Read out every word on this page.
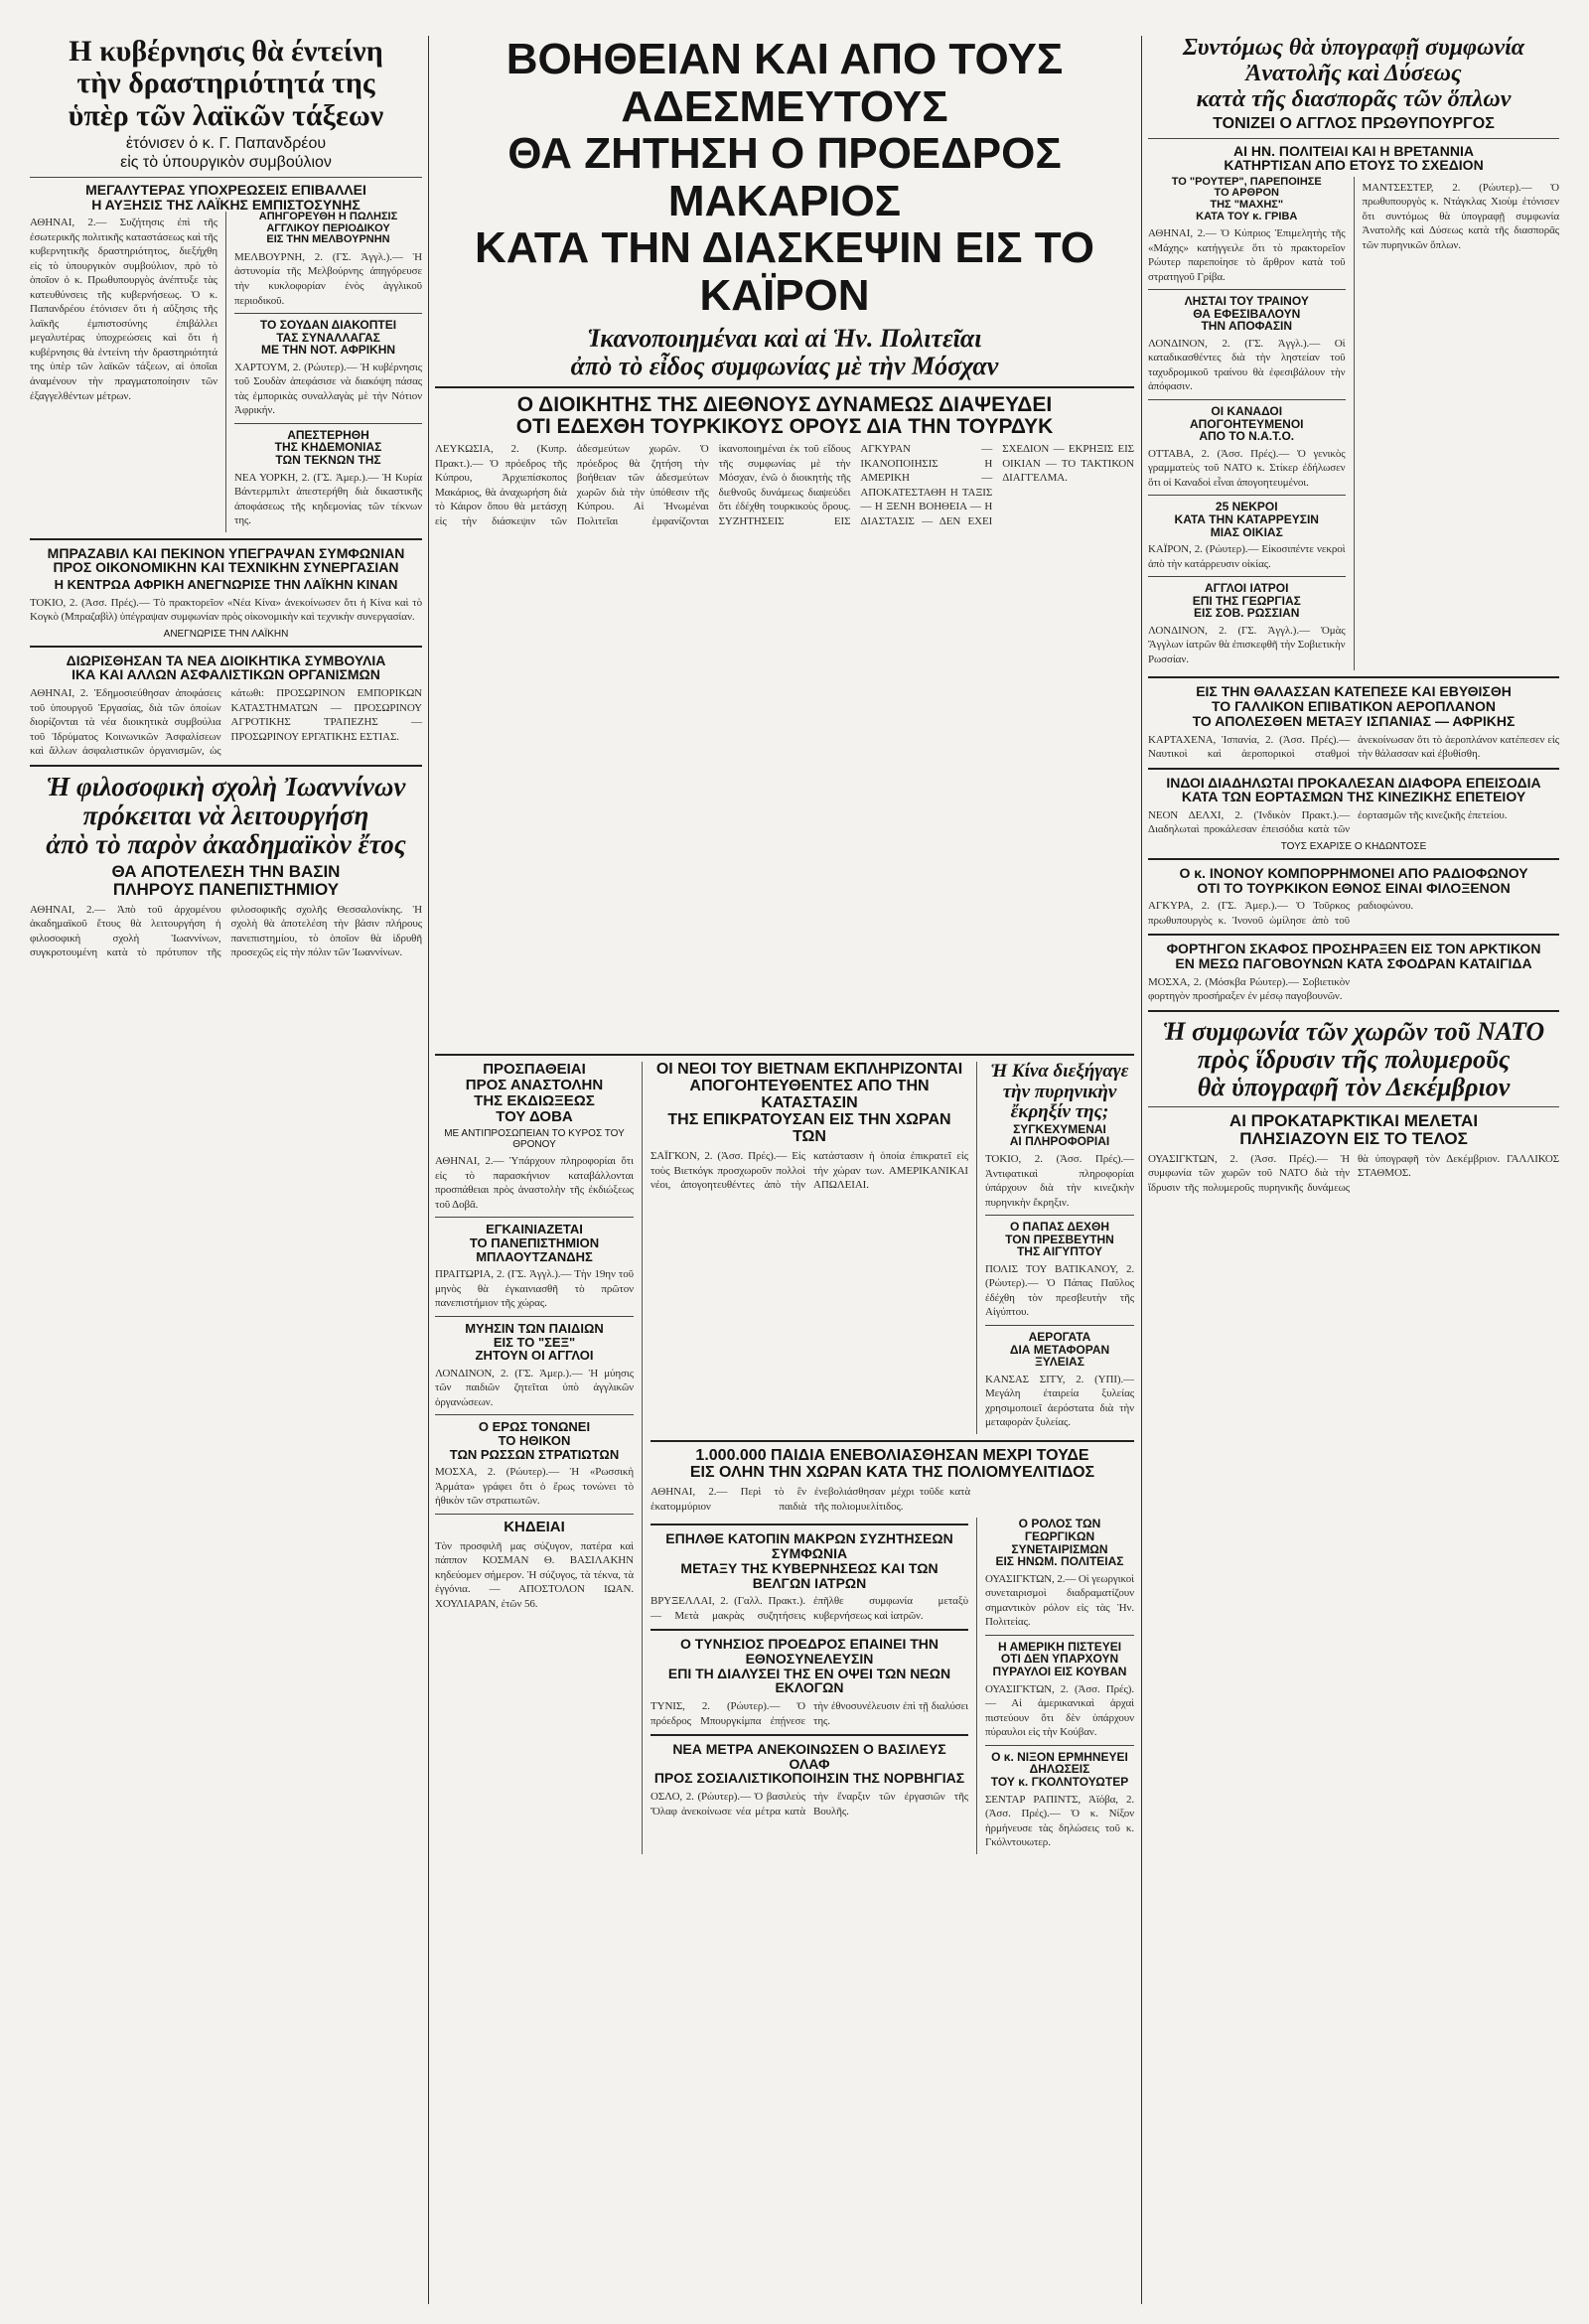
Η κυβέρνησις θὰ έντείνη
τὴν δραστηριότητά της
ὑπὲρ τῶν λαϊκῶν τάξεων
ἐτόνισεν ὁ κ. Γ. Παπανδρέου
εἰς τὸ ὑπουργικὸν συμβούλιον
ΜΕΓΑΛΥΤΕΡΑΣ ΥΠΟΧΡΕΩΣΕΙΣ ΕΠΙΒΑΛΛΕΙ
Η ΑΥΞΗΣΙΣ ΤΗΣ ΛΑΪΚΗΣ ΕΜΠΙΣΤΟΣΥΝΗΣ

ΑΘΗΝΑΙ, 2.— Συζήτησις ἐπὶ τῆς ἐσωτερικῆς πολιτικῆς καταστάσεως καὶ τῆς κυβερνητικῆς δραστηριότητος, διεξήχθη εἰς τὸ ὑπουργικὸν συμβούλιον, πρὸ τὸ ὁποῖον ὁ κ. Πρωθυπουργὸς ἀνέπτυξε τὰς κατευθύνσεις τῆς κυβερνήσεως. Ὁ κ. Παπανδρέου ἐτόνισεν ὅτι ἡ αὔξησις τῆς λαϊκῆς ἐμπιστοσύνης ἐπιβάλλει μεγαλυτέρας ὑποχρεώσεις καὶ ὅτι ἡ κυβέρνησις θὰ ἐντείνη τὴν δραστηριότητά της ὑπὲρ τῶν λαϊκῶν τάξεων, αἱ ὁποῖαι ἀναμένουν τὴν πραγματοποίησιν τῶν ἐξαγγελθέντων μέτρων.

ΑΠΗΓΟΡΕΥΘΗ Η ΠΩΛΗΣΙΣ
ΑΓΓΛΙΚΟΥ ΠΕΡΙΟΔΙΚΟΥ
ΕΙΣ ΤΗΝ ΜΕΛΒΟΥΡΝΗΝ

ΜΕΛΒΟΥΡΝΗ, 2. (ΓΣ. Ἀγγλ.).— Ἡ ἀστυνομία τῆς Μελβούρνης ἀπηγόρευσε τὴν κυκλοφορίαν ἑνὸς ἀγγλικοῦ περιοδικοῦ.

ΤΟ ΣΟΥΔΑΝ ΔΙΑΚΟΠΤΕΙ
ΤΑΣ ΣΥΝΑΛΛΑΓΑΣ
ΜΕ ΤΗΝ ΝΟΤ. ΑΦΡΙΚΗΝ

ΧΑΡΤΟΥΜ, 2. (Ρώυτερ).— Ἡ κυβέρνησις τοῦ Σουδὰν ἀπεφάσισε νὰ διακόψη πάσας τὰς ἐμπορικὰς συναλλαγὰς μὲ τὴν Νότιον Ἀφρικήν.

ΑΠΕΣΤΕΡΗΘΗ
ΤΗΣ ΚΗΔΕΜΟΝΙΑΣ
ΤΩΝ ΤΕΚΝΩΝ ΤΗΣ

ΝΕΑ ΥΟΡΚΗ, 2. (ΓΣ. Ἀμερ.).— Ἡ Κυρία Βάντερμπιλτ ἀπεστερήθη διὰ δικαστικῆς ἀποφάσεως τῆς κηδεμονίας τῶν τέκνων της.

ΜΠΡΑΖΑΒΙΛ ΚΑΙ ΠΕΚΙΝΟΝ ΥΠΕΓΡΑΨΑΝ ΣΥΜΦΩΝΙΑΝ
ΠΡΟΣ ΟΙΚΟΝΟΜΙΚΗΝ ΚΑΙ ΤΕΧΝΙΚΗΝ ΣΥΝΕΡΓΑΣΙΑΝ
Η ΚΕΝΤΡΩΑ ΑΦΡΙΚΗ ΑΝΕΓΝΩΡΙΣΕ ΤΗΝ ΛΑΪΚΗΝ ΚΙΝΑΝ

ΤΟΚΙΟ, 2. (Ἀσσ. Πρές).— Τὸ πρακτορεῖον «Νέα Κίνα» ἀνεκοίνωσεν ὅτι ἡ Κίνα καὶ τὸ Κογκὸ (Μπραζαβὶλ) ὑπέγραψαν συμφωνίαν πρὸς οἰκονομικὴν καὶ τεχνικὴν συνεργασίαν.

ΑΝΕΓΝΩΡΙΣΕ ΤΗΝ ΛΑΪΚΗΝ
ΔΙΩΡΙΣΘΗΣΑΝ ΤΑ ΝΕΑ ΔΙΟΙΚΗΤΙΚΑ ΣΥΜΒΟΥΛΙΑ
ΙΚΑ ΚΑΙ ΑΛΛΩΝ ΑΣΦΑΛΙΣΤΙΚΩΝ ΟΡΓΑΝΙΣΜΩΝ

ΑΘΗΝΑΙ, 2. Ἐδημοσιεύθησαν ἀποφάσεις τοῦ ὑπουργοῦ Ἐργασίας, διὰ τῶν ὁποίων διορίζονται τὰ νέα διοικητικὰ συμβούλια τοῦ Ἱδρύματος Κοινωνικῶν Ἀσφαλίσεων καὶ ἄλλων ἀσφαλιστικῶν ὀργανισμῶν, ὡς κάτωθι: ΠΡΟΣΩΡΙΝΟΝ ΕΜΠΟΡΙΚΩΝ ΚΑΤΑΣΤΗΜΑΤΩΝ — ΠΡΟΣΩΡΙΝΟΥ ΑΓΡΟΤΙΚΗΣ ΤΡΑΠΕΖΗΣ — ΠΡΟΣΩΡΙΝΟΥ ΕΡΓΑΤΙΚΗΣ ΕΣΤΙΑΣ.

Ἡ φιλοσοφικὴ σχολὴ Ἰωαννίνων
πρόκειται νὰ λειτουργήση
ἀπὸ τὸ παρὸν ἀκαδημαϊκὸν ἔτος
ΘΑ ΑΠΟΤΕΛΕΣΗ ΤΗΝ ΒΑΣΙΝ
ΠΛΗΡΟΥΣ ΠΑΝΕΠΙΣΤΗΜΙΟΥ

ΑΘΗΝΑΙ, 2.— Ἀπὸ τοῦ ἀρχομένου ἀκαδημαϊκοῦ ἔτους θὰ λειτουργήση ἡ φιλοσοφικὴ σχολὴ Ἰωαννίνων, συγκροτουμένη κατὰ τὸ πρότυπον τῆς φιλοσοφικῆς σχολῆς Θεσσαλονίκης. Ἡ σχολὴ θὰ ἀποτελέση τὴν βάσιν πλήρους πανεπιστημίου, τὸ ὁποῖον θὰ ἱδρυθῆ προσεχῶς εἰς τὴν πόλιν τῶν Ἰωαννίνων.

ΒΟΗΘΕΙΑΝ ΚΑΙ ΑΠΟ ΤΟΥΣ ΑΔΕΣΜΕΥΤΟΥΣ
ΘΑ ΖΗΤΗΣΗ Ο ΠΡΟΕΔΡΟΣ ΜΑΚΑΡΙΟΣ
ΚΑΤΑ ΤΗΝ ΔΙΑΣΚΕΨΙΝ ΕΙΣ ΤΟ ΚΑΪΡΟΝ
Ἱκανοποιημέναι καὶ αἱ Ἡν. Πολιτεῖαι
ἀπὸ τὸ εἶδος συμφωνίας μὲ τὴν Μόσχαν
Ο ΔΙΟΙΚΗΤΗΣ ΤΗΣ ΔΙΕΘΝΟΥΣ ΔΥΝΑΜΕΩΣ ΔΙΑΨΕΥΔΕΙ
ΟΤΙ ΕΔΕΧΘΗ ΤΟΥΡΚΙΚΟΥΣ ΟΡΟΥΣ ΔΙΑ ΤΗΝ ΤΟΥΡΔΥΚ

ΛΕΥΚΩΣΙΑ, 2. (Κυπρ. Πρακτ.).— Ὁ πρόεδρος τῆς Κύπρου, Ἀρχιεπίσκοπος Μακάριος, θὰ ἀναχωρήση διὰ τὸ Κάιρον ὅπου θὰ μετάσχη εἰς τὴν διάσκεψιν τῶν ἀδεσμεύτων χωρῶν. Ὁ πρόεδρος θὰ ζητήση τὴν βοήθειαν τῶν ἀδεσμεύτων χωρῶν διὰ τὴν ὑπόθεσιν τῆς Κύπρου. Αἱ Ἡνωμέναι Πολιτεῖαι ἐμφανίζονται ἱκανοποιημέναι ἐκ τοῦ εἴδους τῆς συμφωνίας μὲ τὴν Μόσχαν, ἐνῶ ὁ διοικητὴς τῆς διεθνοῦς δυνάμεως διαψεύδει ὅτι ἐδέχθη τουρκικοὺς ὅρους. ΣΥΖΗΤΗΣΕΙΣ ΕΙΣ ΑΓΚΥΡΑΝ — ΙΚΑΝΟΠΟΙΗΣΙΣ Η ΑΜΕΡΙΚΗ — ΑΠΟΚΑΤΕΣΤΑΘΗ Η ΤΑΞΙΣ — Η ΞΕΝΗ ΒΟΗΘΕΙΑ — Η ΔΙΑΣΤΑΣΙΣ — ΔΕΝ ΕΧΕΙ ΣΧΕΔΙΟΝ — ΕΚΡΗΞΙΣ ΕΙΣ ΟΙΚΙΑΝ — ΤΟ ΤΑΚΤΙΚΟΝ ΔΙΑΓΓΕΛΜΑ.

ΠΡΟΣΠΑΘΕΙΑΙ
ΠΡΟΣ ΑΝΑΣΤΟΛΗΝ
ΤΗΣ ΕΚΔΙΩΞΕΩΣ
ΤΟΥ ΔΟΒΑ
ΜΕ ΑΝΤΙΠΡΟΣΩΠΕΙΑΝ ΤΟ ΚΥΡΟΣ ΤΟΥ ΘΡΟΝΟΥ

ΑΘΗΝΑΙ, 2.— Ὑπάρχουν πληροφορίαι ὅτι εἰς τὸ παρασκήνιον καταβάλλονται προσπάθειαι πρὸς ἀναστολὴν τῆς ἐκδιώξεως τοῦ Δοβᾶ.

ΕΓΚΑΙΝΙΑΖΕΤΑΙ
ΤΟ ΠΑΝΕΠΙΣΤΗΜΙΟΝ
ΜΠΛΑΟΥΤΖΑΝΔΗΣ

ΠΡΑΙΤΩΡΙΑ, 2. (ΓΣ. Ἀγγλ.).— Τὴν 19ην τοῦ μηνὸς θὰ ἐγκαινιασθῆ τὸ πρῶτον πανεπιστήμιον τῆς χώρας.

ΜΥΗΣΙΝ ΤΩΝ ΠΑΙΔΙΩΝ
ΕΙΣ ΤΟ "ΣΕΞ"
ΖΗΤΟΥΝ ΟΙ ΑΓΓΛΟΙ

ΛΟΝΔΙΝΟΝ, 2. (ΓΣ. Ἀμερ.).— Ἡ μύησις τῶν παιδιῶν ζητεῖται ὑπὸ ἀγγλικῶν ὀργανώσεων.

Ο ΕΡΩΣ ΤΟΝΩΝΕΙ
ΤΟ ΗΘΙΚΟΝ
ΤΩΝ ΡΩΣΣΩΝ ΣΤΡΑΤΙΩΤΩΝ

ΜΟΣΧΑ, 2. (Ρώυτερ).— Ἡ «Ρωσσικὴ Ἀρμάτα» γράφει ὅτι ὁ ἔρως τονώνει τὸ ἠθικὸν τῶν στρατιωτῶν.

ΚΗΔΕΙΑΙ

Τὸν προσφιλῆ μας σύζυγον, πατέρα καὶ πάππον ΚΟΣΜΑΝ Θ. ΒΑΣΙΛΑΚΗΝ κηδεύομεν σήμερον. Ἡ σύζυγος, τὰ τέκνα, τὰ ἐγγόνια. — ΑΠΟΣΤΟΛΟΝ ΙΩΑΝ. ΧΟΥΛΙΑΡΑΝ, ἐτῶν 56.

ΟΙ ΝΕΟΙ ΤΟΥ ΒΙΕΤΝΑΜ ΕΚΠΛΗΡΙΖΟΝΤΑΙ
ΑΠΟΓΟΗΤΕΥΘΕΝΤΕΣ ΑΠΟ ΤΗΝ ΚΑΤΑΣΤΑΣΙΝ
ΤΗΣ ΕΠΙΚΡΑΤΟΥΣΑΝ ΕΙΣ ΤΗΝ ΧΩΡΑΝ ΤΩΝ

ΣΑΪΓΚΟΝ, 2. (Ἀσσ. Πρές).— Εἰς τοὺς Βιετκόγκ προσχωροῦν πολλοὶ νέοι, ἀπογοητευθέντες ἀπὸ τὴν κατάστασιν ἡ ὁποία ἐπικρατεῖ εἰς τὴν χώραν των. ΑΜΕΡΙΚΑΝΙΚΑΙ ΑΠΩΛΕΙΑΙ.

Ἡ Κίνα διεξήγαγε
τὴν πυρηνικὴν
ἔκρηξίν της;
ΣΥΓΚΕΧΥΜΕΝΑΙ
ΑΙ ΠΛΗΡΟΦΟΡΙΑΙ

ΤΟΚΙΟ, 2. (Ἀσσ. Πρές).— Ἀντιφατικαὶ πληροφορίαι ὑπάρχουν διὰ τὴν κινεζικὴν πυρηνικὴν ἔκρηξιν.

Ο ΠΑΠΑΣ ΔΕΧΘΗ
ΤΟΝ ΠΡΕΣΒΕΥΤΗΝ
ΤΗΣ ΑΙΓΥΠΤΟΥ

ΠΟΛΙΣ ΤΟΥ ΒΑΤΙΚΑΝΟΥ, 2. (Ρώυτερ).— Ὁ Πάπας Παῦλος ἐδέχθη τὸν πρεσβευτὴν τῆς Αἰγύπτου.

ΑΕΡΟΓΑΤΑ
ΔΙΑ ΜΕΤΑΦΟΡΑΝ
ΞΥΛΕΙΑΣ

ΚΑΝΣΑΣ ΣΙΤΥ, 2. (ΥΠΙ).— Μεγάλη ἐταιρεία ξυλείας χρησιμοποιεῖ ἀερόστατα διὰ τὴν μεταφορὰν ξυλείας.

1.000.000 ΠΑΙΔΙΑ ΕΝΕΒΟΛΙΑΣΘΗΣΑΝ ΜΕΧΡΙ ΤΟΥΔΕ
ΕΙΣ ΟΛΗΝ ΤΗΝ ΧΩΡΑΝ ΚΑΤΑ ΤΗΣ ΠΟΛΙΟΜΥΕΛΙΤΙΔΟΣ

ΑΘΗΝΑΙ, 2.— Περὶ τὸ ἓν ἑκατομμύριον παιδιὰ ἐνεβολιάσθησαν μέχρι τοῦδε κατὰ τῆς πολιομυελίτιδος.

ΕΠΗΛΘΕ ΚΑΤΟΠΙΝ ΜΑΚΡΩΝ ΣΥΖΗΤΗΣΕΩΝ ΣΥΜΦΩΝΙΑ
ΜΕΤΑΞΥ ΤΗΣ ΚΥΒΕΡΝΗΣΕΩΣ ΚΑΙ ΤΩΝ ΒΕΛΓΩΝ ΙΑΤΡΩΝ

ΒΡΥΞΕΛΛΑΙ, 2. (Γαλλ. Πρακτ.).— Μετὰ μακρὰς συζητήσεις ἐπῆλθε συμφωνία μεταξὺ κυβερνήσεως καὶ ἰατρῶν.

Ο ΤΥΝΗΣΙΟΣ ΠΡΟΕΔΡΟΣ ΕΠΑΙΝΕΙ ΤΗΝ ΕΘΝΟΣΥΝΕΛΕΥΣΙΝ
ΕΠΙ ΤΗ ΔΙΑΛΥΣΕΙ ΤΗΣ ΕΝ ΟΨΕΙ ΤΩΝ ΝΕΩΝ ΕΚΛΟΓΩΝ

ΤΥΝΙΣ, 2. (Ρώυτερ).— Ὁ πρόεδρος Μπουργκίμπα ἐπῄνεσε τὴν ἐθνοσυνέλευσιν ἐπὶ τῇ διαλύσει της.

ΝΕΑ ΜΕΤΡΑ ΑΝΕΚΟΙΝΩΣΕΝ Ο ΒΑΣΙΛΕΥΣ ΟΛΑΦ
ΠΡΟΣ ΣΟΣΙΑΛΙΣΤΙΚΟΠΟΙΗΣΙΝ ΤΗΣ ΝΟΡΒΗΓΙΑΣ

ΟΣΛΟ, 2. (Ρώυτερ).— Ὁ βασιλεὺς Ὄλαφ ἀνεκοίνωσε νέα μέτρα κατὰ τὴν ἔναρξιν τῶν ἐργασιῶν τῆς Βουλῆς.

Ο ΡΟΛΟΣ ΤΩΝ ΓΕΩΡΓΙΚΩΝ
ΣΥΝΕΤΑΙΡΙΣΜΩΝ
ΕΙΣ ΗΝΩΜ. ΠΟΛΙΤΕΙΑΣ

ΟΥΑΣΙΓΚΤΩΝ, 2.— Οἱ γεωργικοὶ συνεταιρισμοὶ διαδραματίζουν σημαντικὸν ρόλον εἰς τὰς Ἡν. Πολιτείας.

Η ΑΜΕΡΙΚΗ ΠΙΣΤΕΥΕΙ
ΟΤΙ ΔΕΝ ΥΠΑΡΧΟΥΝ
ΠΥΡΑΥΛΟΙ ΕΙΣ ΚΟΥΒΑΝ

ΟΥΑΣΙΓΚΤΩΝ, 2. (Ἀσσ. Πρές).— Αἱ ἀμερικανικαὶ ἀρχαὶ πιστεύουν ὅτι δὲν ὑπάρχουν πύραυλοι εἰς τὴν Κούβαν.

Ο κ. ΝΙΞΟΝ ΕΡΜΗΝΕΥΕΙ
ΔΗΛΩΣΕΙΣ
ΤΟΥ κ. ΓΚΟΛΝΤΟΥΩΤΕΡ

ΣΕΝΤΑΡ ΡΑΠΙΝΤΣ, Ἀϊόβα, 2. (Ἀσσ. Πρές).— Ὁ κ. Νίξον ἡρμήνευσε τὰς δηλώσεις τοῦ κ. Γκόλντουωτερ.

Συντόμως θὰ ὑπογραφῇ συμφωνία
Ἀνατολῆς καὶ Δύσεως
κατὰ τῆς διασπορᾶς τῶν ὅπλων
ΤΟΝΙΖΕΙ Ο ΑΓΓΛΟΣ ΠΡΩΘΥΠΟΥΡΓΟΣ
ΑΙ ΗΝ. ΠΟΛΙΤΕΙΑΙ ΚΑΙ Η ΒΡΕΤΑΝΝΙΑ
ΚΑΤΗΡΤΙΣΑΝ ΑΠΟ ΕΤΟΥΣ ΤΟ ΣΧΕΔΙΟΝ
ΤΟ "ΡΟΥΤΕΡ", ΠΑΡΕΠΟΙΗΣΕ
ΤΟ ΑΡΘΡΟΝ
ΤΗΣ "ΜΑΧΗΣ"
ΚΑΤΑ ΤΟΥ κ. ΓΡΙΒΑ

ΑΘΗΝΑΙ, 2.— Ὁ Κύπριος Ἐπιμελητὴς τῆς «Μάχης» κατήγγειλε ὅτι τὸ πρακτορεῖον Ρώυτερ παρεποίησε τὸ ἄρθρον κατὰ τοῦ στρατηγοῦ Γρίβα.

ΛΗΣΤΑΙ ΤΟΥ ΤΡΑΙΝΟΥ
ΘΑ ΕΦΕΣΙΒΑΛΟΥΝ
ΤΗΝ ΑΠΟΦΑΣΙΝ

ΛΟΝΔΙΝΟΝ, 2. (ΓΣ. Ἀγγλ.).— Οἱ καταδικασθέντες διὰ τὴν ληστείαν τοῦ ταχυδρομικοῦ τραίνου θὰ ἐφεσιβάλουν τὴν ἀπόφασιν.

ΟΙ ΚΑΝΑΔΟΙ
ΑΠΟΓΟΗΤΕΥΜΕΝΟΙ
ΑΠΟ ΤΟ Ν.Α.Τ.Ο.

ΟΤΤΑΒΑ, 2. (Ἀσσ. Πρές).— Ὁ γενικὸς γραμματεὺς τοῦ ΝΑΤΟ κ. Στίκερ ἐδήλωσεν ὅτι οἱ Καναδοὶ εἶναι ἀπογοητευμένοι.

25 ΝΕΚΡΟΙ
ΚΑΤΑ ΤΗΝ ΚΑΤΑΡΡΕΥΣΙΝ
ΜΙΑΣ ΟΙΚΙΑΣ

ΚΑΪΡΟΝ, 2. (Ρώυτερ).— Εἰκοσιπέντε νεκροὶ ἀπὸ τὴν κατάρρευσιν οἰκίας.

ΑΓΓΛΟΙ ΙΑΤΡΟΙ
ΕΠΙ ΤΗΣ ΓΕΩΡΓΙΑΣ
ΕΙΣ ΣΟΒ. ΡΩΣΣΙΑΝ

ΛΟΝΔΙΝΟΝ, 2. (ΓΣ. Ἀγγλ.).— Ὁμὰς Ἄγγλων ἰατρῶν θὰ ἐπισκεφθῆ τὴν Σοβιετικὴν Ρωσσίαν.

ΜΑΝΤΣΕΣΤΕΡ, 2. (Ρώυτερ).— Ὁ πρωθυπουργὸς κ. Ντάγκλας Χιοὺμ ἐτόνισεν ὅτι συντόμως θὰ ὑπογραφῇ συμφωνία Ἀνατολῆς καὶ Δύσεως κατὰ τῆς διασπορᾶς τῶν πυρηνικῶν ὅπλων.

ΕΙΣ ΤΗΝ ΘΑΛΑΣΣΑΝ ΚΑΤΕΠΕΣΕ ΚΑΙ ΕΒΥΘΙΣΘΗ
ΤΟ ΓΑΛΛΙΚΟΝ ΕΠΙΒΑΤΙΚΟΝ ΑΕΡΟΠΛΑΝΟΝ
ΤΟ ΑΠΟΛΕΣΘΕΝ ΜΕΤΑΞΥ ΙΣΠΑΝΙΑΣ — ΑΦΡΙΚΗΣ

ΚΑΡΤΑΧΕΝΑ, Ἱσπανία, 2. (Ἀσσ. Πρές).— Ναυτικοὶ καὶ ἀεροπορικοὶ σταθμοὶ ἀνεκοίνωσαν ὅτι τὸ ἀεροπλάνον κατέπεσεν εἰς τὴν θάλασσαν καὶ ἐβυθίσθη.

ΙΝΔΟΙ ΔΙΑΔΗΛΩΤΑΙ ΠΡΟΚΑΛΕΣΑΝ ΔΙΑΦΟΡΑ ΕΠΕΙΣΟΔΙΑ
ΚΑΤΑ ΤΩΝ ΕΟΡΤΑΣΜΩΝ ΤΗΣ ΚΙΝΕΖΙΚΗΣ ΕΠΕΤΕΙΟΥ

ΝΕΟΝ ΔΕΛΧΙ, 2. (Ἰνδικὸν Πρακτ.).— Διαδηλωταὶ προκάλεσαν ἐπεισόδια κατὰ τῶν ἐορτασμῶν τῆς κινεζικῆς ἐπετείου.

ΤΟΥΣ ΕΧΑΡΙΣΕ Ο ΚΗΔΩΝΤΟΣΕ
Ο κ. ΙΝΟΝΟΥ ΚΟΜΠΟΡΡΗΜΟΝΕΙ ΑΠΟ ΡΑΔΙΟΦΩΝΟΥ
ΟΤΙ ΤΟ ΤΟΥΡΚΙΚΟΝ ΕΘΝΟΣ ΕΙΝΑΙ ΦΙΛΟΞΕΝΟΝ

ΑΓΚΥΡΑ, 2. (ΓΣ. Ἀμερ.).— Ὁ Τοῦρκος πρωθυπουργὸς κ. Ἰνονοῦ ὡμίλησε ἀπὸ τοῦ ραδιοφώνου.

ΦΟΡΤΗΓΟΝ ΣΚΑΦΟΣ ΠΡΟΣΗΡΑΞΕΝ ΕΙΣ ΤΟΝ ΑΡΚΤΙΚΟΝ
ΕΝ ΜΕΣΩ ΠΑΓΟΒΟΥΝΩΝ ΚΑΤΑ ΣΦΟΔΡΑΝ ΚΑΤΑΙΓΙΔΑ

ΜΟΣΧΑ, 2. (Μόσκβα Ρώυτερ).— Σοβιετικὸν φορτηγὸν προσήραξεν ἐν μέσῳ παγοβουνῶν.

Ἡ συμφωνία τῶν χωρῶν τοῦ ΝΑΤΟ
πρὸς ἵδρυσιν τῆς πολυμεροῦς
θὰ ὑπογραφῆ τὸν Δεκέμβριον
ΑΙ ΠΡΟΚΑΤΑΡΚΤΙΚΑΙ ΜΕΛΕΤΑΙ
ΠΛΗΣΙΑΖΟΥΝ ΕΙΣ ΤΟ ΤΕΛΟΣ

ΟΥΑΣΙΓΚΤΩΝ, 2. (Ἀσσ. Πρές).— Ἡ συμφωνία τῶν χωρῶν τοῦ ΝΑΤΟ διὰ τὴν ἵδρυσιν τῆς πολυμεροῦς πυρηνικῆς δυνάμεως θὰ ὑπογραφῆ τὸν Δεκέμβριον. ΓΑΛΛΙΚΟΣ ΣΤΑΘΜΟΣ.
